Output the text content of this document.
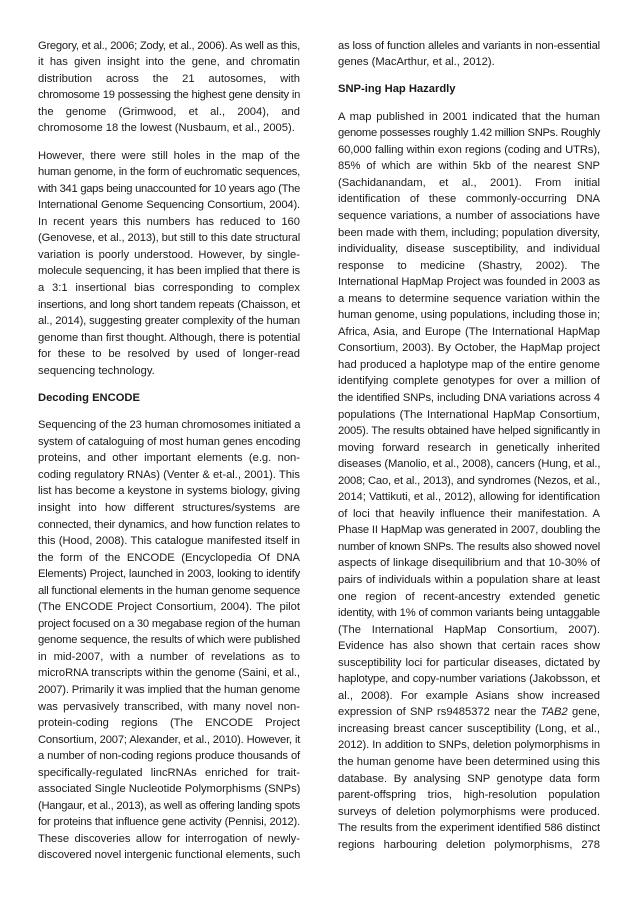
Gregory, et al., 2006; Zody, et al., 2006). As well as this,
it has given insight into the gene, and chromatin
distribution across the 21 autosomes, with
chromosome 19 possessing the highest gene density in
the genome (Grimwood, et al., 2004), and
chromosome 18 the lowest (Nusbaum, et al., 2005).
However, there were still holes in the map of the
human genome, in the form of euchromatic sequences,
with 341 gaps being unaccounted for 10 years ago (The
International Genome Sequencing Consortium, 2004).
In recent years this numbers has reduced to 160
(Genovese, et al., 2013), but still to this date structural
variation is poorly understood. However, by single-
molecule sequencing, it has been implied that there is
a 3:1 insertional bias corresponding to complex
insertions, and long short tandem repeats (Chaisson, et
al., 2014), suggesting greater complexity of the human
genome than first thought. Although, there is potential
for these to be resolved by used of longer-read
sequencing technology.
Decoding ENCODE
Sequencing of the 23 human chromosomes initiated a
system of cataloguing of most human genes encoding
proteins, and other important elements (e.g. non-
coding regulatory RNAs) (Venter & et-al., 2001). This
list has become a keystone in systems biology, giving
insight into how different structures/systems are
connected, their dynamics, and how function relates to
this (Hood, 2008). This catalogue manifested itself in
the form of the ENCODE (Encyclopedia Of DNA
Elements) Project, launched in 2003, looking to identify
all functional elements in the human genome sequence
(The ENCODE Project Consortium, 2004). The pilot
project focused on a 30 megabase region of the human
genome sequence, the results of which were published
in mid-2007, with a number of revelations as to
microRNA transcripts within the genome (Saini, et al.,
2007). Primarily it was implied that the human genome
was pervasively transcribed, with many novel non-
protein-coding regions (The ENCODE Project
Consortium, 2007; Alexander, et al., 2010). However, it
a number of non-coding regions produce thousands of
specifically-regulated lincRNAs enriched for trait-
associated Single Nucleotide Polymorphisms (SNPs)
(Hangaur, et al., 2013), as well as offering landing spots
for proteins that influence gene activity (Pennisi, 2012).
These discoveries allow for interrogation of newly-
discovered novel intergenic functional elements, such
as loss of function alleles and variants in non-essential
genes (MacArthur, et al., 2012).
SNP-ing Hap Hazardly
A map published in 2001 indicated that the human
genome possesses roughly 1.42 million SNPs. Roughly
60,000 falling within exon regions (coding and UTRs),
85% of which are within 5kb of the nearest SNP
(Sachidanandam, et al., 2001). From initial
identification of these commonly-occurring DNA
sequence variations, a number of associations have
been made with them, including; population diversity,
individuality, disease susceptibility, and individual
response to medicine (Shastry, 2002). The
International HapMap Project was founded in 2003 as
a means to determine sequence variation within the
human genome, using populations, including those in;
Africa, Asia, and Europe (The International HapMap
Consortium, 2003). By October, the HapMap project
had produced a haplotype map of the entire genome
identifying complete genotypes for over a million of
the identified SNPs, including DNA variations across 4
populations (The International HapMap Consortium,
2005). The results obtained have helped significantly in
moving forward research in genetically inherited
diseases (Manolio, et al., 2008), cancers (Hung, et al.,
2008; Cao, et al., 2013), and syndromes (Nezos, et al.,
2014; Vattikuti, et al., 2012), allowing for identification
of loci that heavily influence their manifestation. A
Phase II HapMap was generated in 2007, doubling the
number of known SNPs. The results also showed novel
aspects of linkage disequilibrium and that 10-30% of
pairs of individuals within a population share at least
one region of recent-ancestry extended genetic
identity, with 1% of common variants being untaggable
(The International HapMap Consortium, 2007).
Evidence has also shown that certain races show
susceptibility loci for particular diseases, dictated by
haplotype, and copy-number variations (Jakobsson, et
al., 2008). For example Asians show increased
expression of SNP rs9485372 near the TAB2 gene,
increasing breast cancer susceptibility (Long, et al.,
2012). In addition to SNPs, deletion polymorphisms in
the human genome have been determined using this
database. By analysing SNP genotype data form
parent-offspring trios, high-resolution population
surveys of deletion polymorphisms were produced.
The results from the experiment identified 586 distinct
regions harbouring deletion polymorphisms, 278
